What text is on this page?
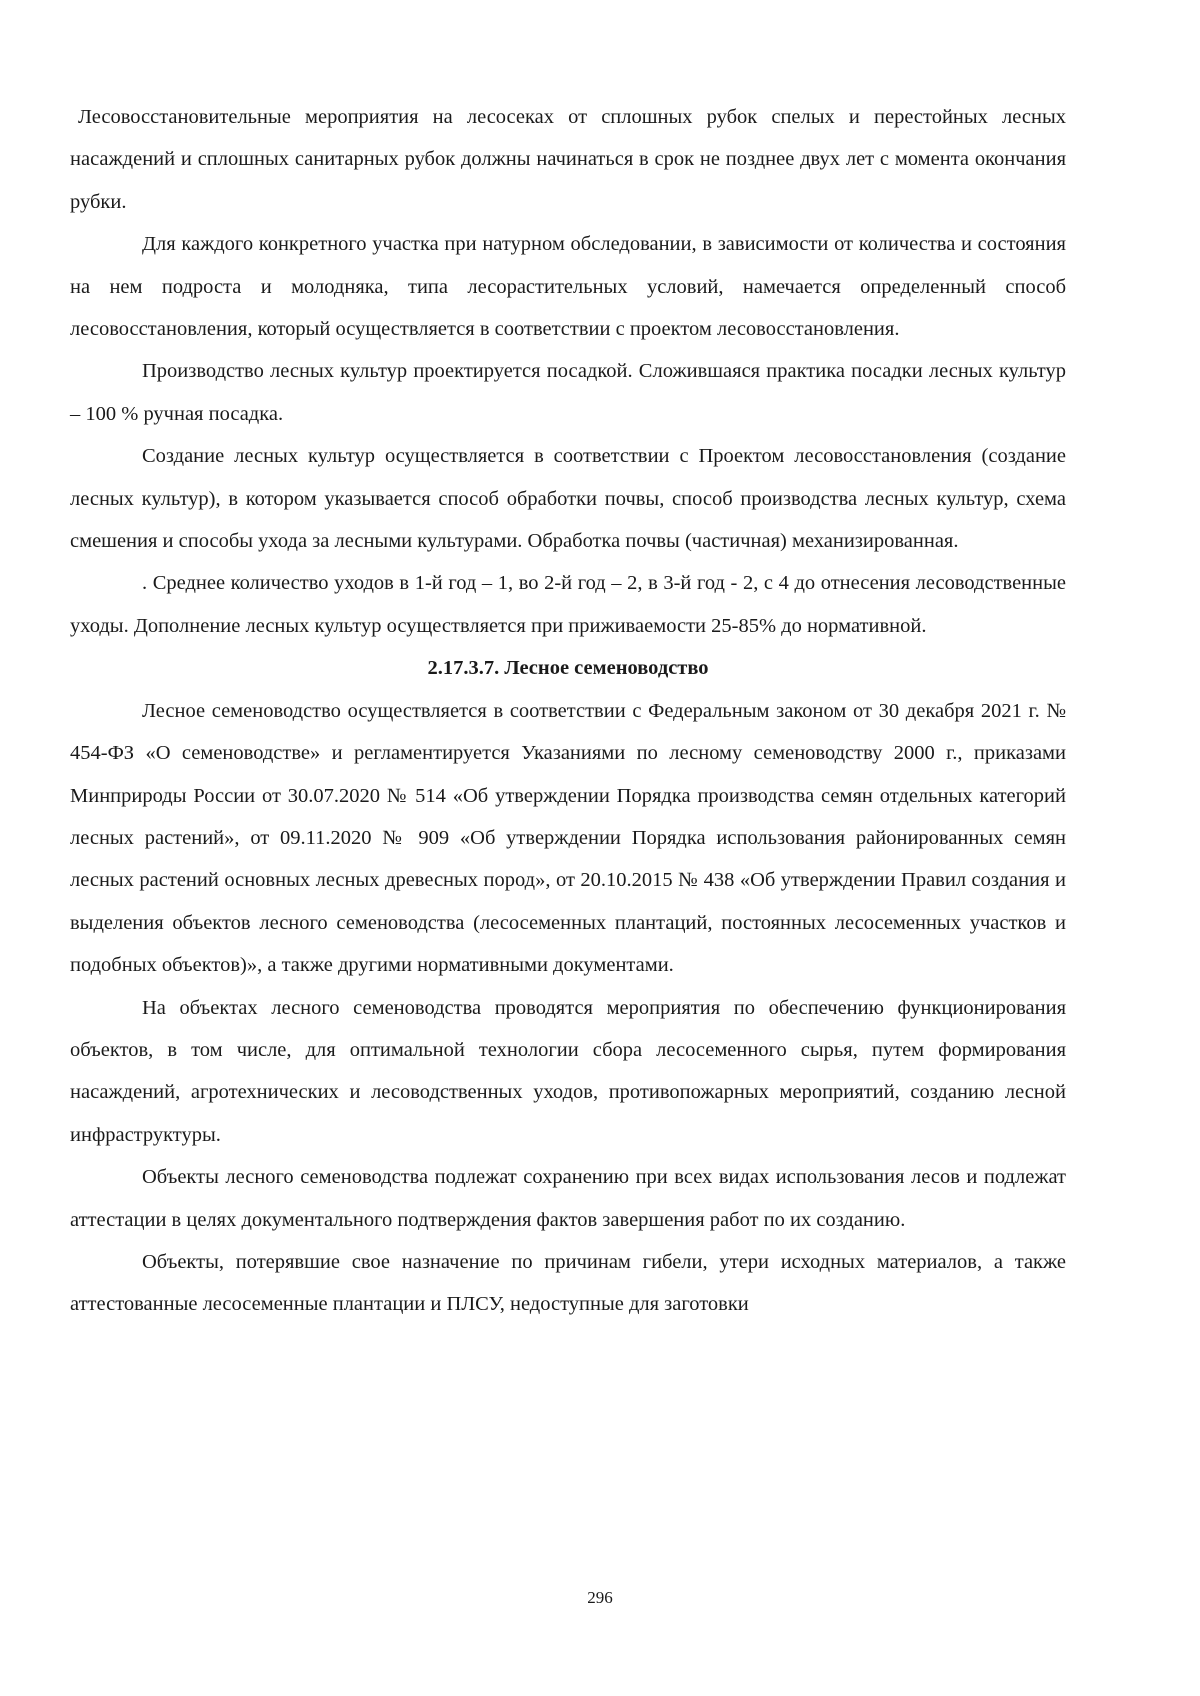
Лесовосстановительные мероприятия на лесосеках от сплошных рубок спелых и перестойных лесных насаждений и сплошных санитарных рубок должны начинаться в срок не позднее двух лет с момента окончания рубки.

Для каждого конкретного участка при натурном обследовании, в зависимости от количества и состояния на нем подроста и молодняка, типа лесорастительных условий, намечается определенный способ лесовосстановления, который осуществляется в соответствии с проектом лесовосстановления.

Производство лесных культур проектируется посадкой. Сложившаяся практика посадки лесных культур – 100 % ручная посадка.

Создание лесных культур осуществляется в соответствии с Проектом лесовосстановления (создание лесных культур), в котором указывается способ обработки почвы, способ производства лесных культур, схема смешения и способы ухода за лесными культурами. Обработка почвы (частичная) механизированная.

. Среднее количество уходов в 1-й год – 1, во 2-й год – 2, в 3-й год - 2, с 4 до отнесения лесоводственные уходы. Дополнение лесных культур осуществляется при приживаемости 25-85% до нормативной.

2.17.3.7. Лесное семеноводство

Лесное семеноводство осуществляется в соответствии с Федеральным законом от 30 декабря 2021 г. № 454-ФЗ «О семеноводстве» и регламентируется Указаниями по лесному семеноводству 2000 г., приказами Минприроды России от 30.07.2020 № 514 «Об утверждении Порядка производства семян отдельных категорий лесных растений», от 09.11.2020 № 909 «Об утверждении Порядка использования районированных семян лесных растений основных лесных древесных пород», от 20.10.2015 № 438 «Об утверждении Правил создания и выделения объектов лесного семеноводства (лесосеменных плантаций, постоянных лесосеменных участков и подобных объектов)», а также другими нормативными документами.

На объектах лесного семеноводства проводятся мероприятия по обеспечению функционирования объектов, в том числе, для оптимальной технологии сбора лесосеменного сырья, путем формирования насаждений, агротехнических и лесоводственных уходов, противопожарных мероприятий, созданию лесной инфраструктуры.

Объекты лесного семеноводства подлежат сохранению при всех видах использования лесов и подлежат аттестации в целях документального подтверждения фактов завершения работ по их созданию.

Объекты, потерявшие свое назначение по причинам гибели, утери исходных материалов, а также аттестованные лесосеменные плантации и ПЛСУ, недоступные для заготовки

296
